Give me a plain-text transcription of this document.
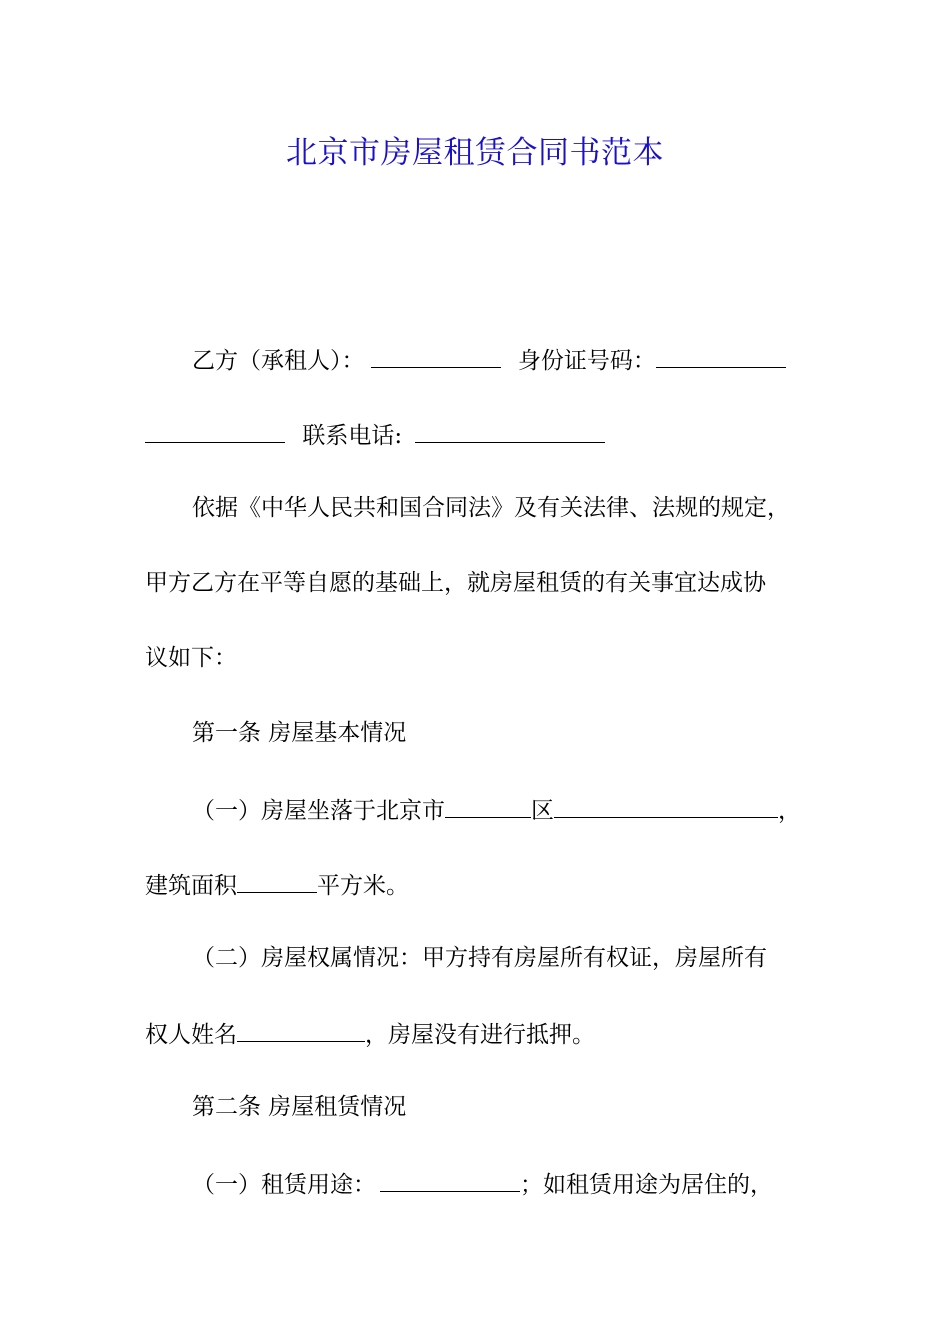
北京市房屋租赁合同书范本
乙方（承租人）：	身份证号码：
联系电话:
依据《中华人民共和国合同法》及有关法律、法规的规定，
甲方乙方在平等自愿的基础上，就房屋租赁的有关事宜达成协
议如下：
第一条 房屋基本情况
（一）房屋坐落于北京市	区	，
建筑面积	平方米。
（二）房屋权属情况：甲方持有房屋所有权证，房屋所有
权人姓名	，房屋没有进行抵押。
第二条 房屋租赁情况
（一）租赁用途：	；如租赁用途为居住的，
